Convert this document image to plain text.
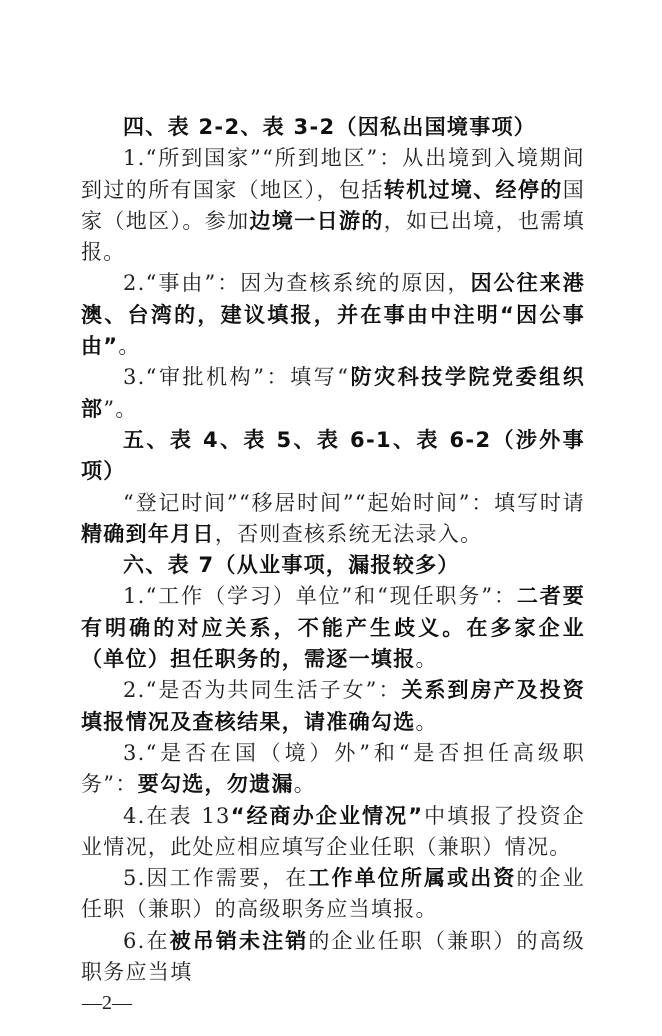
四、表 2-2、表 3-2（因私出国境事项）

1.“所到国家”“所到地区”：从出境到入境期间到过的所有国家（地区），包括转机过境、经停的国家（地区）。参加边境一日游的，如已出境，也需填报。

2.“事由”：因为查核系统的原因，因公往来港澳、台湾的，建议填报，并在事由中注明“因公事由”。

3.“审批机构”：填写“防灾科技学院党委组织部”。

五、表 4、表 5、表 6-1、表 6-2（涉外事项）

“登记时间”“移居时间”“起始时间”：填写时请精确到年月日，否则查核系统无法录入。

六、表 7（从业事项，漏报较多）

1.“工作（学习）单位”和“现任职务”：二者要有明确的对应关系，不能产生歧义。在多家企业（单位）担任职务的，需逐一填报。

2.“是否为共同生活子女”：关系到房产及投资填报情况及查核结果，请准确勾选。

3.“是否在国（境）外”和“是否担任高级职务”：要勾选，勿遗漏。

4.在表 13“经商办企业情况”中填报了投资企业情况，此处应相应填写企业任职（兼职）情况。

5.因工作需要，在工作单位所属或出资的企业任职（兼职）的高级职务应当填报。

6.在被吊销未注销的企业任职（兼职）的高级职务应当填

—2—
